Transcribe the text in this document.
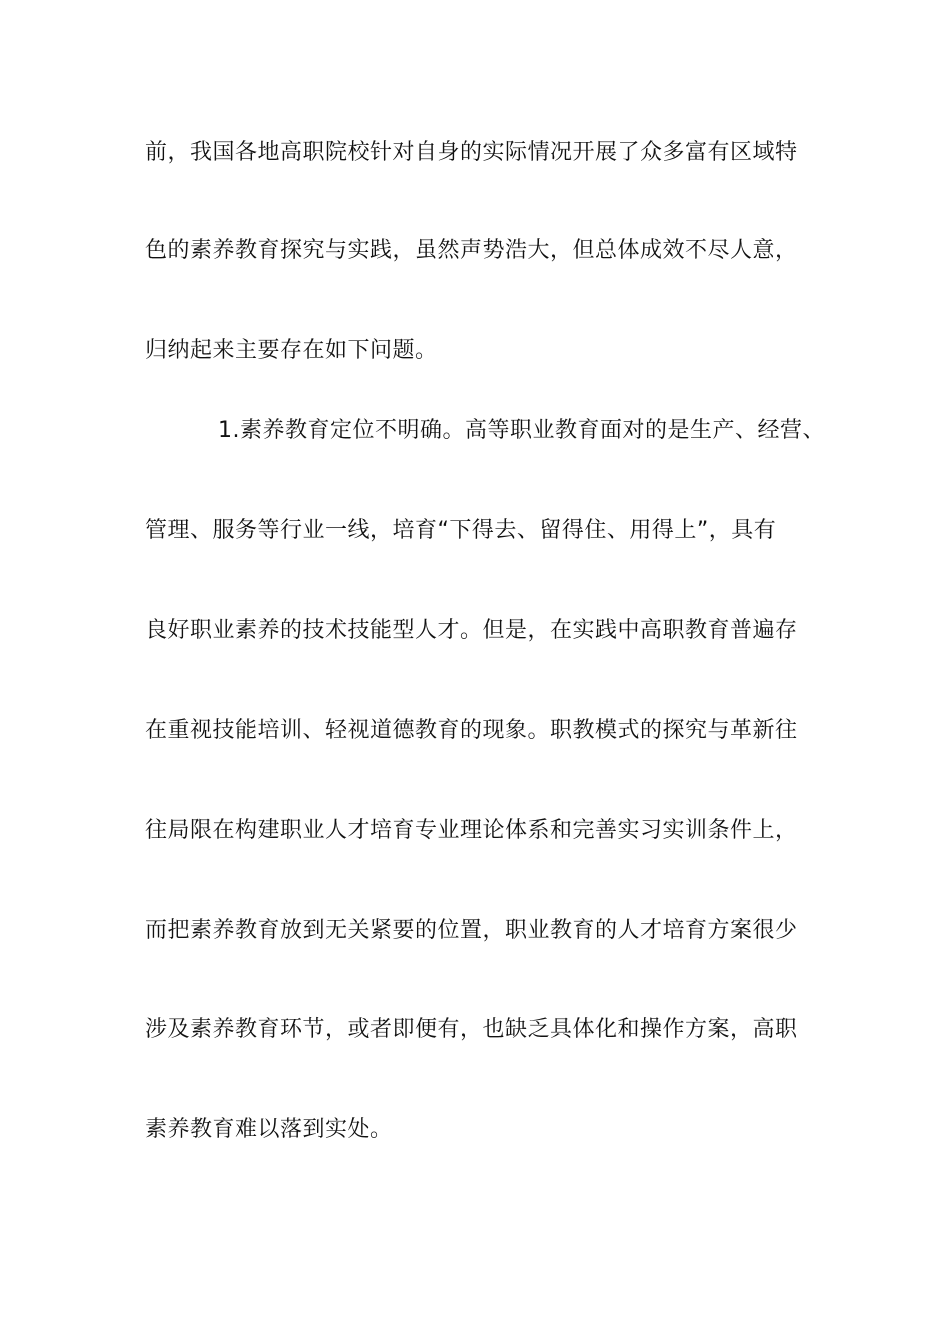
前，我国各地高职院校针对自身的实际情况开展了众多富有区域特
色的素养教育探究与实践，虽然声势浩大，但总体成效不尽人意，
归纳起来主要存在如下问题。
1.素养教育定位不明确。高等职业教育面对的是生产、经营、
管理、服务等行业一线，培育“下得去、留得住、用得上”，具有
良好职业素养的技术技能型人才。但是，在实践中高职教育普遍存
在重视技能培训、轻视道德教育的现象。职教模式的探究与革新往
往局限在构建职业人才培育专业理论体系和完善实习实训条件上，
而把素养教育放到无关紧要的位置，职业教育的人才培育方案很少
涉及素养教育环节，或者即便有，也缺乏具体化和操作方案，高职
素养教育难以落到实处。
